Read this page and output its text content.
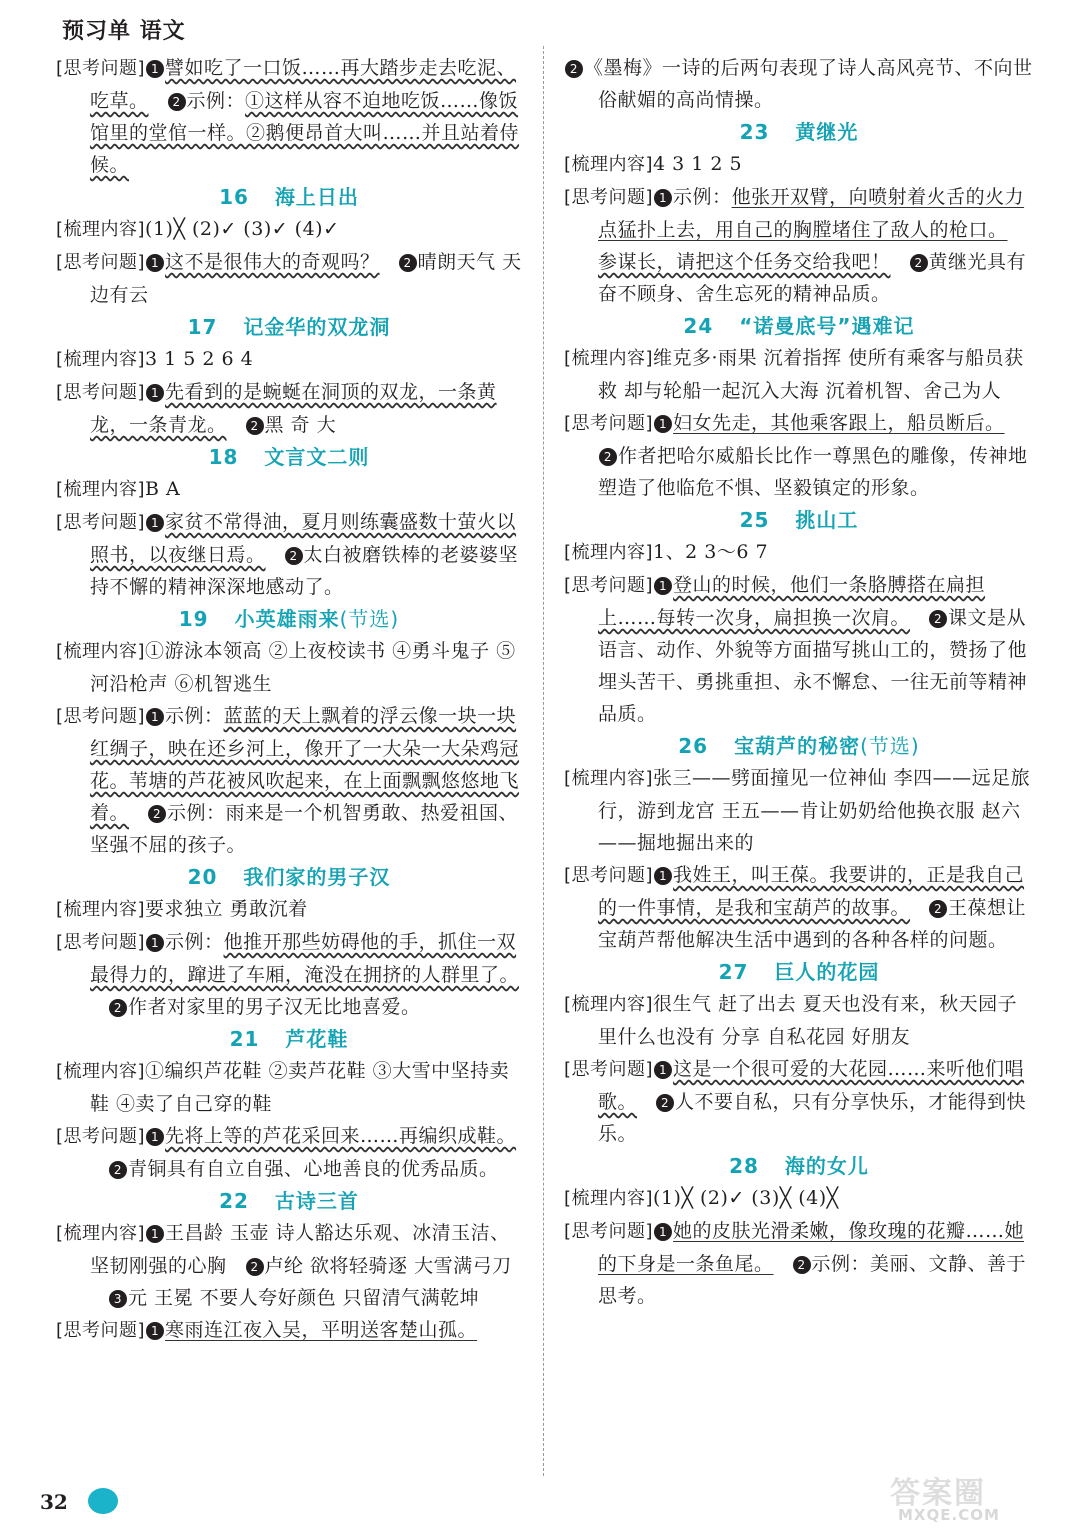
预习单 语文
[思考问题] 1 譬如吃了一口饭……再大踏步走去吃泥、吃草。 2 示例：①这样从容不迫地吃饭……像饭馆里的堂倌一样。②鹅便昂首大叫……并且站着侍候。
16 海上日出
[梳理内容](1)╳ (2)✓ (3)✓ (4)✓
[思考问题] 1 这不是很伟大的奇观吗？ 2 晴朗天气 天边有云
17 记金华的双龙洞
[梳理内容]3 1 5 2 6 4
[思考问题] 1 先看到的是蜿蜒在洞顶的双龙，一条黄龙，一条青龙。 2 黑 奇 大
18 文言文二则
[梳理内容]B A
[思考问题] 1 家贫不常得油，夏月则练囊盛数十萤火以照书，以夜继日焉。 2 太白被磨铁棒的老婆婆坚持不懈的精神深深地感动了。
19 小英雄雨来(节选)
[梳理内容]①游泳本领高 ②上夜校读书 ④勇斗鬼子 ⑤河沿枪声 ⑥机智逃生
[思考问题] 1 示例：蓝蓝的天上飘着的浮云像一块一块红绸子，映在还乡河上，像开了一大朵一大朵鸡冠花。苇塘的芦花被风吹起来，在上面飘飘悠悠地飞着。 2 示例：雨来是一个机智勇敢、热爱祖国、坚强不屈的孩子。
20 我们家的男子汉
[梳理内容]要求独立 勇敢沉着
[思考问题] 1 示例：他推开那些妨碍他的手，抓住一双最得力的，蹿进了车厢，淹没在拥挤的人群里了。2 作者对家里的男子汉无比地喜爱。
21 芦花鞋
[梳理内容]①编织芦花鞋 ②卖芦花鞋 ③大雪中坚持卖鞋 ④卖了自己穿的鞋
[思考问题] 1 先将上等的芦花采回来……再编织成鞋。2 青铜具有自立自强、心地善良的优秀品质。
22 古诗三首
[梳理内容] 1 王昌龄 玉壶 诗人豁达乐观、冰清玉洁、坚韧刚强的心胸 2 卢纶 欲将轻骑逐 大雪满弓刀3 元 王冕 不要人夸好颜色 只留清气满乾坤
[思考问题] 1 寒雨连江夜入吴，平明送客楚山孤。
2 《墨梅》一诗的后两句表现了诗人高风亮节、不向世俗献媚的高尚情操。
23 黄继光
[梳理内容]4 3 1 2 5
[思考问题] 1 示例：他张开双臂，向喷射着火舌的火力点猛扑上去，用自己的胸膛堵住了敌人的枪口。参谋长，请把这个任务交给我吧！ 2 黄继光具有奋不顾身、舍生忘死的精神品质。
24 “诺曼底号”遇难记
[梳理内容]维克多·雨果 沉着指挥 使所有乘客与船员获救 却与轮船一起沉入大海 沉着机智、舍己为人
[思考问题] 1 妇女先走，其他乘客跟上，船员断后。2 作者把哈尔威船长比作一尊黑色的雕像，传神地塑造了他临危不惧、坚毅镇定的形象。
25 挑山工
[梳理内容]1、2 3～6 7
[思考问题] 1 登山的时候，他们一条胳膊搭在扁担上……每转一次身，扁担换一次肩。 2 课文是从语言、动作、外貌等方面描写挑山工的，赞扬了他埋头苦干、勇挑重担、永不懈怠、一往无前等精神品质。
26 宝葫芦的秘密(节选)
[梳理内容]张三——劈面撞见一位神仙 李四——远足旅行，游到龙宫 王五——肯让奶奶给他换衣服 赵六——掘地掘出来的
[思考问题] 1 我姓王，叫王葆。我要讲的，正是我自己的一件事情，是我和宝葫芦的故事。 2 王葆想让宝葫芦帮他解决生活中遇到的各种各样的问题。
27 巨人的花园
[梳理内容]很生气 赶了出去 夏天也没有来，秋天园子里什么也没有 分享 自私花园 好朋友
[思考问题] 1 这是一个很可爱的大花园……来听他们唱歌。 2 人不要自私，只有分享快乐，才能得到快乐。
28 海的女儿
[梳理内容](1)╳ (2)✓ (3)╳ (4)╳
[思考问题] 1 她的皮肤光滑柔嫩，像玫瑰的花瓣……她的下身是一条鱼尾。 2 示例：美丽、文静、善于思考。
32	答案圈
MXQE.COM
